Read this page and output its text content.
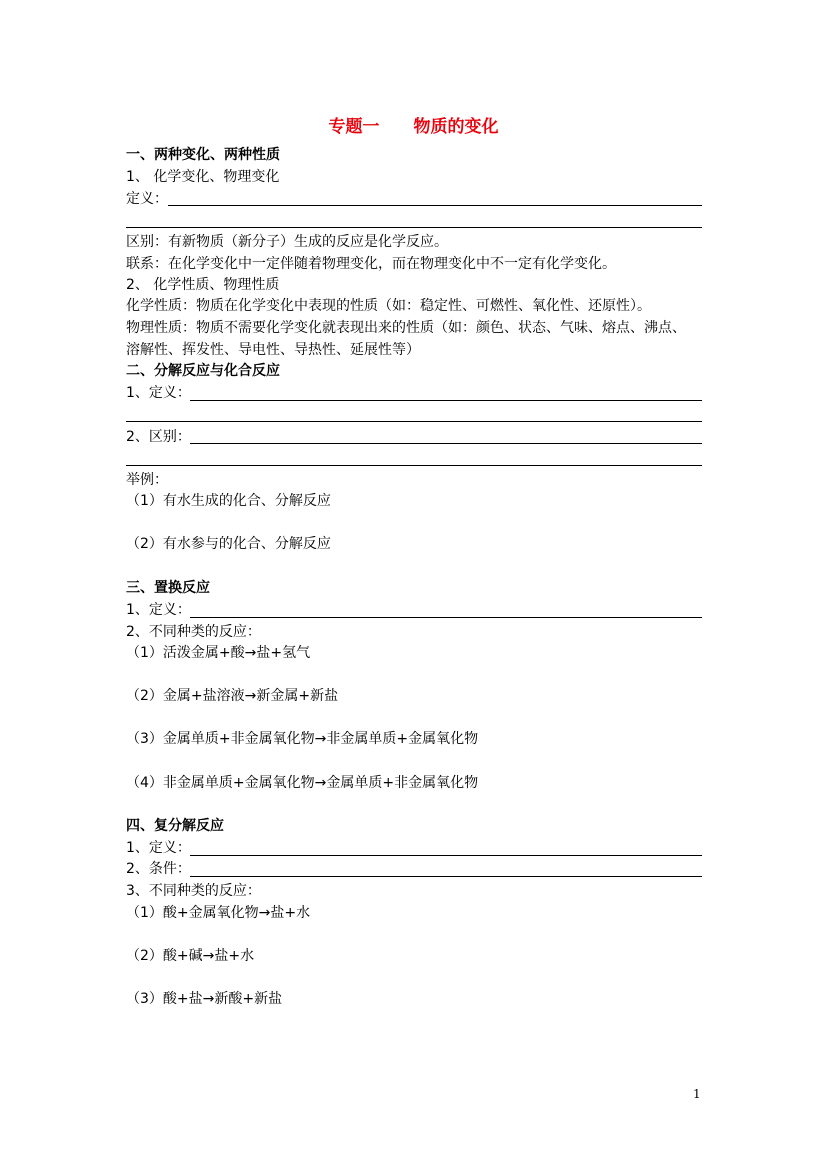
专题一 物质的变化
一、两种变化、两种性质
1、 化学变化、物理变化
定义：
区别：有新物质（新分子）生成的反应是化学反应。
联系：在化学变化中一定伴随着物理变化，而在物理变化中不一定有化学变化。
2、 化学性质、物理性质
化学性质：物质在化学变化中表现的性质（如：稳定性、可燃性、氧化性、还原性）。
物理性质：物质不需要化学变化就表现出来的性质（如：颜色、状态、气味、熔点、沸点、
溶解性、挥发性、导电性、导热性、延展性等）
二、分解反应与化合反应
1、定义：
2、区别：
举例：
（1）有水生成的化合、分解反应
（2）有水参与的化合、分解反应
三、置换反应
1、定义：
2、不同种类的反应：
（1）活泼金属+酸→盐+氢气
（2）金属+盐溶液→新金属+新盐
（3）金属单质+非金属氧化物→非金属单质+金属氧化物
（4）非金属单质+金属氧化物→金属单质+非金属氧化物
四、复分解反应
1、定义：
2、条件：
3、不同种类的反应：
（1）酸+金属氧化物→盐+水
（2）酸+碱→盐+水
（3）酸+盐→新酸+新盐
1
